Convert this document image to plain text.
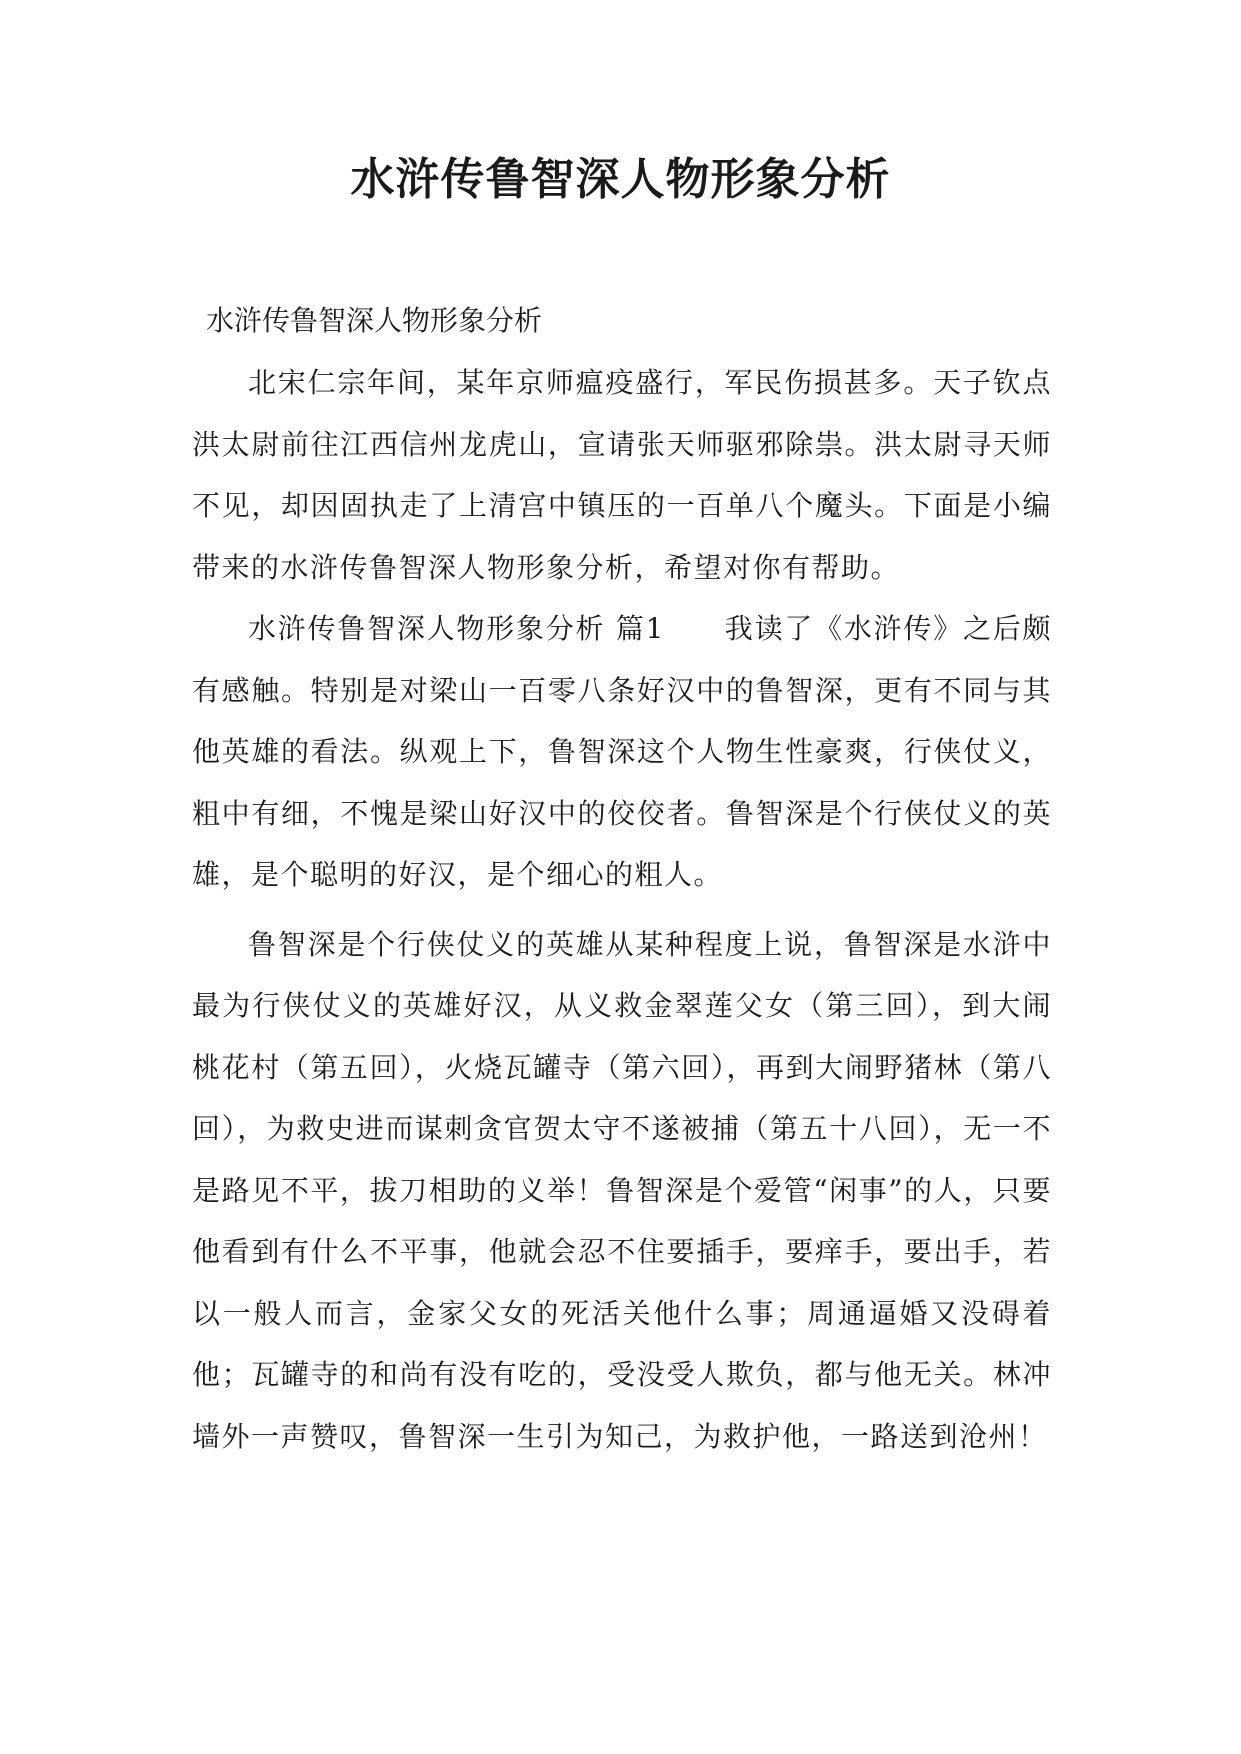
水浒传鲁智深人物形象分析

水浒传鲁智深人物形象分析

北宋仁宗年间，某年京师瘟疫盛行，军民伤损甚多。天子钦点洪太尉前往江西信州龙虎山，宣请张天师驱邪除祟。洪太尉寻天师不见，却因固执走了上清宫中镇压的一百单八个魔头。下面是小编带来的水浒传鲁智深人物形象分析，希望对你有帮助。

水浒传鲁智深人物形象分析 篇1　　我读了《水浒传》之后颇有感触。特别是对梁山一百零八条好汉中的鲁智深，更有不同与其他英雄的看法。纵观上下，鲁智深这个人物生性豪爽，行侠仗义，粗中有细，不愧是梁山好汉中的佼佼者。鲁智深是个行侠仗义的英雄，是个聪明的好汉，是个细心的粗人。

鲁智深是个行侠仗义的英雄从某种程度上说，鲁智深是水浒中最为行侠仗义的英雄好汉，从义救金翠莲父女（第三回），到大闹桃花村（第五回），火烧瓦罐寺（第六回），再到大闹野猪林（第八回），为救史进而谋刺贪官贺太守不遂被捕（第五十八回），无一不是路见不平，拔刀相助的义举！鲁智深是个爱管“闲事”的人，只要他看到有什么不平事，他就会忍不住要插手，要痒手，要出手，若以一般人而言，金家父女的死活关他什么事；周通逼婚又没碍着他；瓦罐寺的和尚有没有吃的，受没受人欺负，都与他无关。林冲墙外一声赞叹，鲁智深一生引为知己，为救护他，一路送到沧州！
